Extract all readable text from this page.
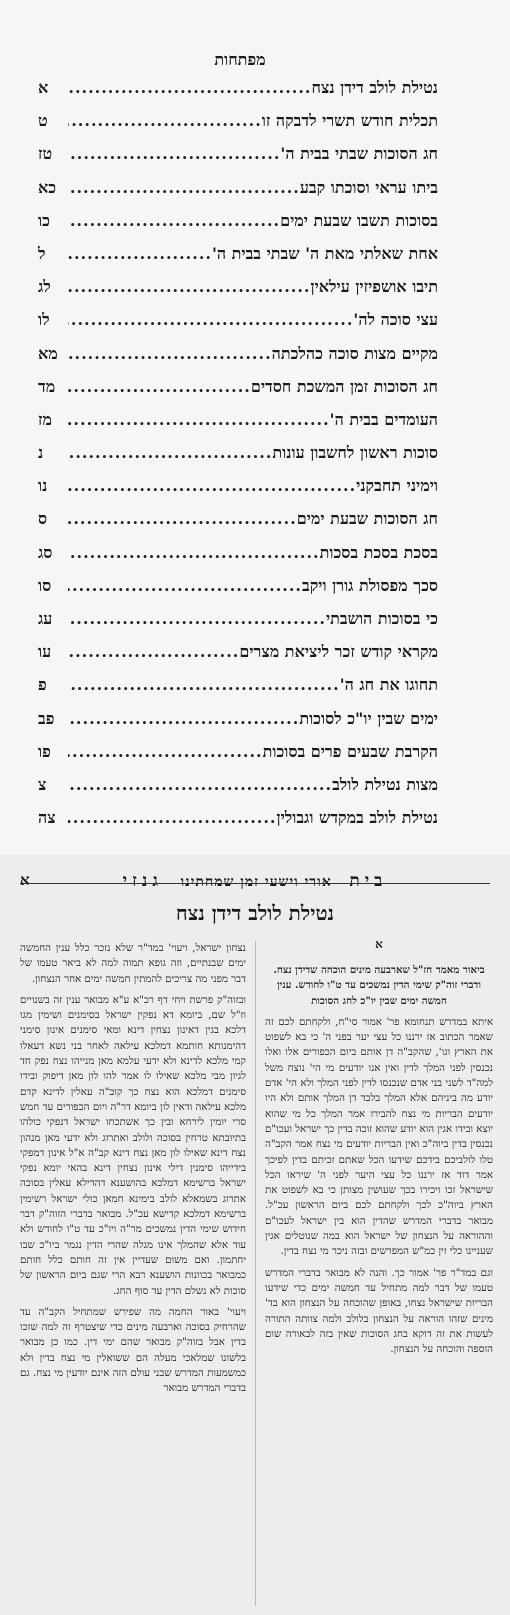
מפתחות
נטילת לולב דידן נצח
.....
א
תכלית חודש תשרי לדבקה זו
.....
ט
חג הסוכות שבתי בבית ה'
.....
טז
ביתו עראי וסוכתו קבע
.....
כא
בסוכות תשבו שבעת ימים
.....
כו
אחת שאלתי מאת ה' שבתי בבית ה'
.....
ל
תיבו אושפיזין עילאין
.....
לג
עצי סוכה לה'
.....
לו
מקיים מצות סוכה כהלכתה
.....
מא
חג הסוכות זמן המשכת חסדים
.....
מד
העומדים בבית ה'
.....
מז
סוכות ראשון לחשבון עונות
.....
נ
וימיני תחבקני
.....
נו
חג הסוכות שבעת ימים
.....
ס
בסכת בסכת בסכות
.....
סג
סכך מפסולת גורן ויקב
.....
סו
כי בסוכות הושבתי
.....
עג
מקראי קודש זכר ליציאת מצרים
.....
עו
תחוגו את חג ה'
.....
פ
ימים שבין יו"כ לסוכות
.....
פב
הקרבת שבעים פרים בסוכות
.....
פו
מצות נטילת לולב
.....
צ
נטילת לולב במקדש וגבולין
.....
צה
א	בית   אורי וישעי זמן שמחתינו   גנזי
נטילת לולב דידן נצח
א

ביאור מאמר חז"ל שארבעה מינים הוכחה שדידן נצח. ודברי זוה"ק שימי הדין נמשכים עד ט"ו לחודש. ענין חמשה ימים שבין יו"כ לחג הסוכות

איתא במדרש תנחומא פר' אמור סי"ח, ולקחתם לכם זה שאמר הכתוב אז ירננו כל עצי יער בפני ה' כי בא לשפוט את הארץ וגו', שהקב"ה דן אותם ביום הכפורים אלו ואלו נכנסין לפני המלך לדין ואין אנו יודעים מי הי' נוצח משל למה"ד לשני בני אדם שנכנסו לדין לפני המלך ולא הי' אדם יודע מה ביניהם אלא המלך בלבד דן המלך אותם ולא היו יודעים הבריות מי נצח להבירו אמר המלך כל מי שהוא יוצא ובידו אגין הוא יודע שהוא זוכה בדין כך ישראל ועכו"ם נכנסין בדין ביוה"כ ואין הבריות יודעים מי נצח אמר הקב"ה טלו לולביכם בידכם שידעו הכל שאתם זכיתם בדין לפיכך אמר דוד אז ירננו כל עצי היער לפני ה' שיראו הכל שישראל זכו ויכירו בכך שעושין מצותן כי בא לשפוט את הארץ ביוה"כ לכך ולקחתם לכם ביום הראשון עכ"ל. מבואר בדברי המדרש שהדין הוא בין ישראל לעכו"ם וההוראה על הנצחון של ישראל הוא במה שנוטלים אגין שעניינו כלי זין כמ"ש המפרשים ובזה ניכר מי נצח בדין.

וגם במד"ר פר' אמור כך. והנה לא מבואר בדברי המדרש טעמו של דבר למה מתחיל עד חמשה ימים כדי שידעו הבריות שישראל נצחו, באופן שהוכחה על הנצחון הוא בד' מינים שזהו הוראה על הנצחון בלולב ולמה צוותה התורה לעשות את זה דוקא בחג הסוכות שאין בזה לבאורה שום הוספה והוכחה על הנצחון.

נצחון ישראל, ויעוי' במד"ר שלא נזכר כלל ענין החמשה ימים שבנתיים, וזה גופא תמוה למה לא ביאר טעמו של דבר מפני מה צריכים להמתין חמשה ימים אחר הנצחון.

ובזוה"ק פרשת ויחי דף רכ"א ע"א מבואר ענין זה בשנויים וז"ל שם, ביומא דא נפקין ישראל בסימנים ושימין מגו דלכא בגין דאינון נצחין דינא ומאי סימנים אינון סימני דהימנותא חותמא דמלכא עילאה לאחר בני נשא דעאלו קמי מלכא לדינא ולא ידעי עלמא מאן מנייהו נצח נפק חד לגיון מבי מלכא שאילו לו אמר להו לון מאן דיפוק ובידו סימנים דמלכא הוא נצח כך קוב"ה עאלין לדינא קדם מלכא עילאה ודאין לון ביומא דר"ה ויום הכפורים עד חמש סרי יומין לירחא ובין כך אשתכחו ישראל דנפקי כולהו בתיובתא טרחין בסוכה ולולב ואתרוג ולא ידעי מאן מנהון נצח דינא שאילו לון מאן נצח דינא קב"ה א"ל אינון דמפקי בידייהו סימנין דילי אינון נצחין דינא בהאי יומא נפקי ישראל ברשימא דמלכא בהושענא דהדילא עאלין בסוכה אתרוג בשמאלא לולב בימינא חמאן כולי ישראל רשימין ברשימא דמלכא קדישא עכ"ל. מבואר בדברי הזוה"ק דבר חידוש שימי הדין נמשכים מר"ה ויו"כ עד ט"ו לחודש ולא עוד אלא שהמלך אינו מגלה שהרי הדין נגמר ביו"כ שבו יחתמון. ואם משום שעדיין אין זה חותם כלל חותם כמבואר בכוונות הושענא רבא הרי שגם ביום הראשון של סוכות לא נשלם הדין עד סוף החג.

ויעוי' באור החמה מה שפירש שמתחיל הקב"ה עד שהרחיק בסוכה וארבעה מינים כדי שיצטרף זה למה שזכו בדין אבל בזוה"ק מבואר שהם ימי דין. כמו כן מבואר בלשונו שמלאכי מעלה הם ששואלין מי נצח בדין ולא כמשמעות המדרש שבני עולם הזה אינם יודעין מי נצח. גם בדברי המדרש מבואר
